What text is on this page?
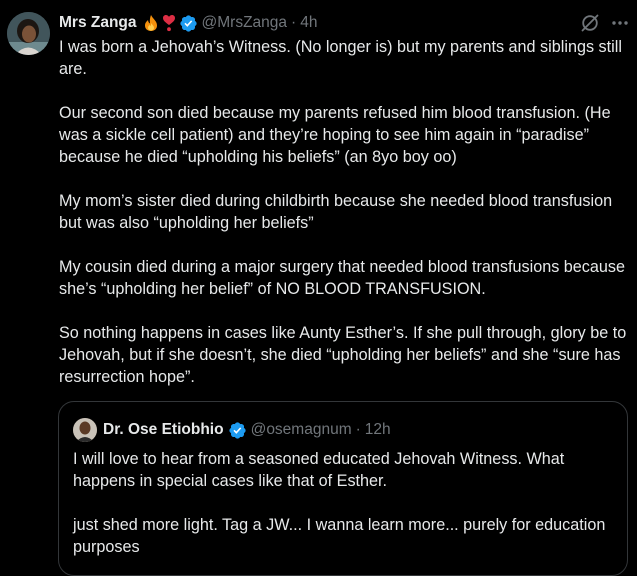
Mrs Zanga	@MrsZanga · 4h

I was born a Jehovah’s Witness. (No longer is) but my parents and siblings still are.

Our second son died because my parents refused him blood transfusion. (He was a sickle cell patient) and they’re hoping to see him again in “paradise” because he died “upholding his beliefs” (an 8yo boy oo)

My mom’s sister died during childbirth because she needed blood transfusion but was also “upholding her beliefs”

My cousin died during a major surgery that needed blood transfusions because she’s “upholding her belief” of NO BLOOD TRANSFUSION.

So nothing happens in cases like Aunty Esther’s. If she pull through, glory be to Jehovah, but if she doesn’t, she died “upholding her beliefs” and she “sure has resurrection hope”.

Dr. Ose Etiobhio @osemagnum · 12h

I will love to hear from a seasoned educated Jehovah Witness. What happens in special cases like that of Esther.

just shed more light. Tag a JW... I wanna learn more... purely for education purposes
